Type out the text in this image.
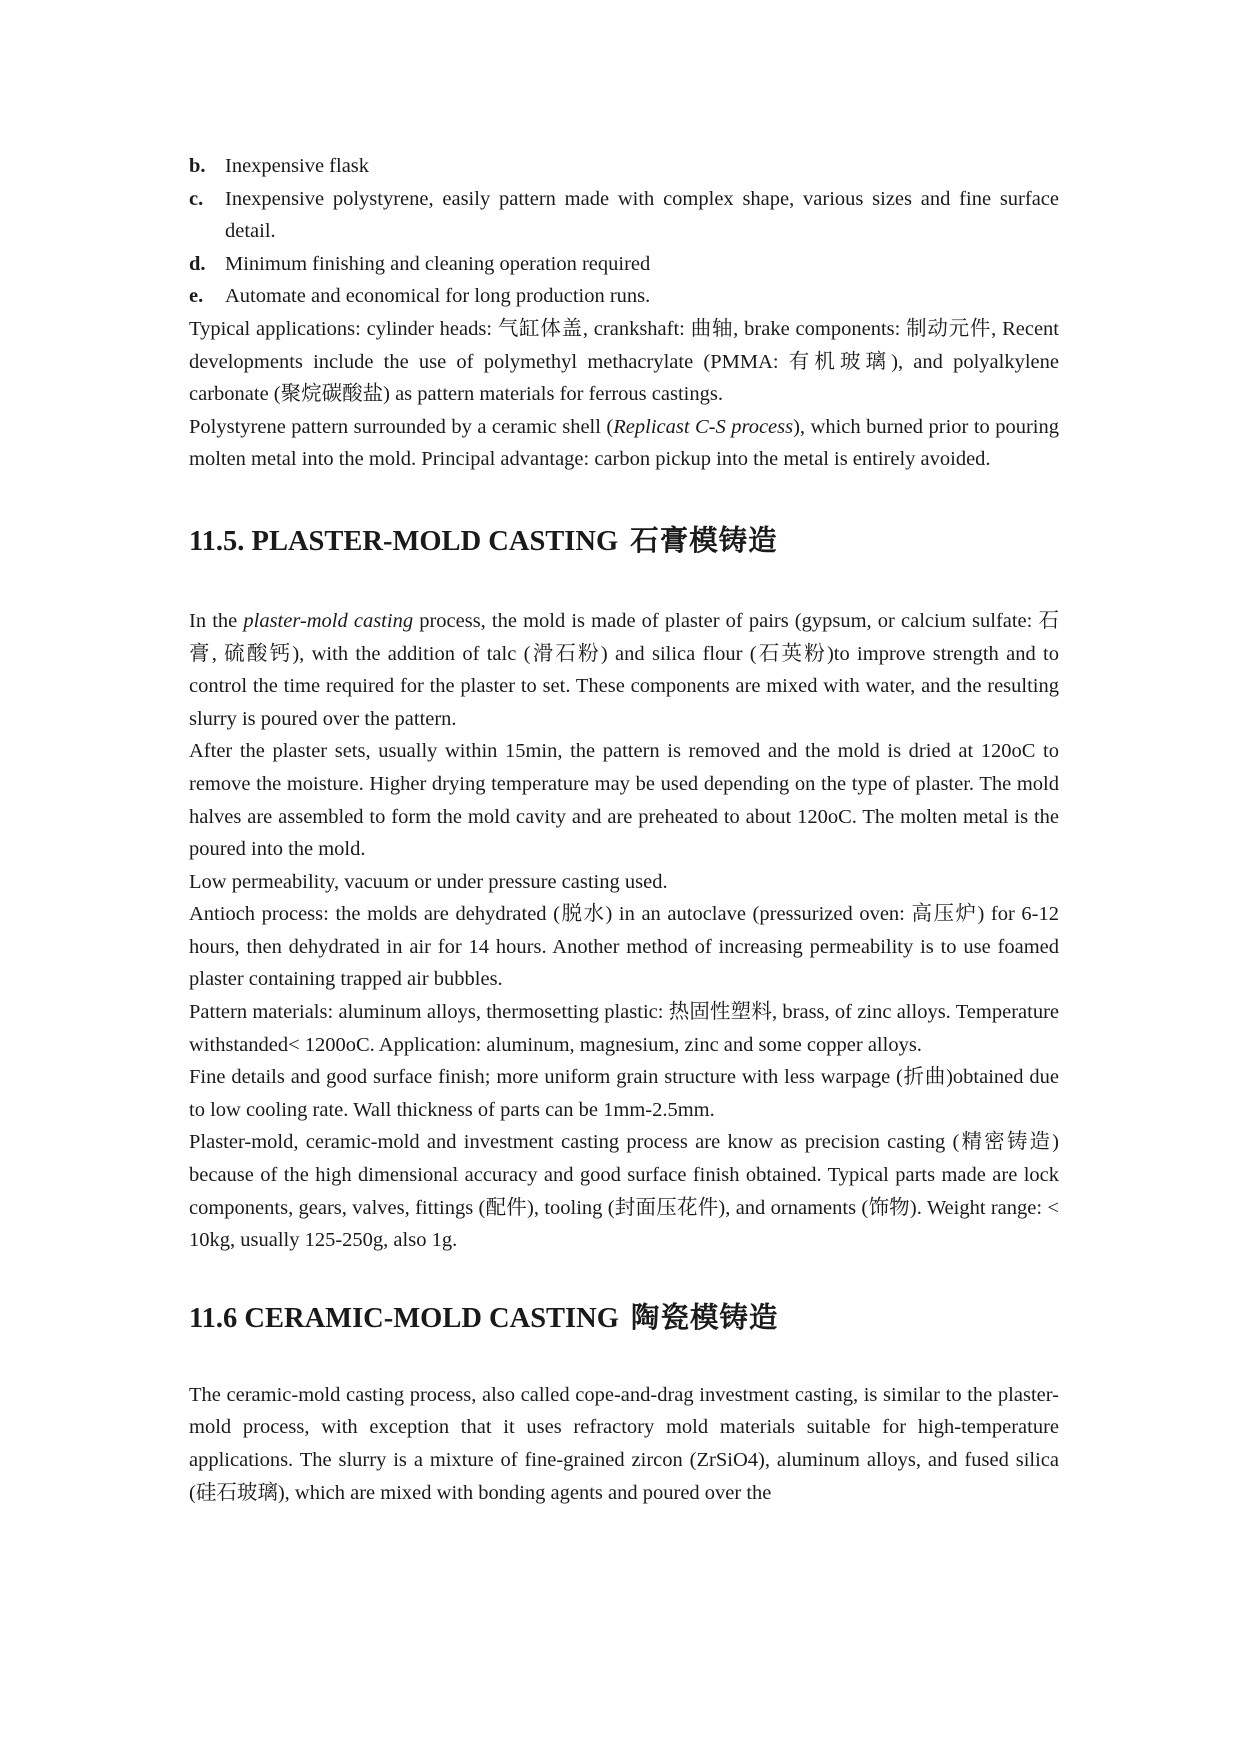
b. Inexpensive flask
c.	Inexpensive polystyrene, easily pattern made with complex shape, various sizes and fine surface detail.
d. Minimum finishing and cleaning operation required
e.	Automate and economical for long production runs.

Typical applications: cylinder heads: 气缸体盖, crankshaft: 曲轴, brake components: 制动元件, Recent developments include the use of polymethyl methacrylate (PMMA: 有机玻璃), and polyalkylene carbonate (聚烷碳酸盐) as pattern materials for ferrous castings.

Polystyrene pattern surrounded by a ceramic shell (Replicast C-S process), which burned prior to pouring molten metal into the mold. Principal advantage: carbon pickup into the metal is entirely avoided.

11.5. PLASTER-MOLD CASTING 石膏模铸造

In the plaster-mold casting process, the mold is made of plaster of pairs (gypsum, or calcium sulfate: 石膏, 硫酸钙), with the addition of talc (滑石粉) and silica flour (石英粉)to improve strength and to control the time required for the plaster to set. These components are mixed with water, and the resulting slurry is poured over the pattern.

After the plaster sets, usually within 15min, the pattern is removed and the mold is dried at 120oC to remove the moisture. Higher drying temperature may be used depending on the type of plaster. The mold halves are assembled to form the mold cavity and are preheated to about 120oC. The molten metal is the poured into the mold.

Low permeability, vacuum or under pressure casting used.

Antioch process: the molds are dehydrated (脱水) in an autoclave (pressurized oven: 高压炉) for 6-12 hours, then dehydrated in air for 14 hours. Another method of increasing permeability is to use foamed plaster containing trapped air bubbles.

Pattern materials: aluminum alloys, thermosetting plastic: 热固性塑料, brass, of zinc alloys. Temperature withstanded< 1200oC. Application: aluminum, magnesium, zinc and some copper alloys.

Fine details and good surface finish; more uniform grain structure with less warpage (折曲)obtained due to low cooling rate. Wall thickness of parts can be 1mm-2.5mm.

Plaster-mold, ceramic-mold and investment casting process are know as precision casting (精密铸造) because of the high dimensional accuracy and good surface finish obtained. Typical parts made are lock components, gears, valves, fittings (配件), tooling (封面压花件), and ornaments (饰物). Weight range: < 10kg, usually 125-250g, also 1g.

11.6 CERAMIC-MOLD CASTING 陶瓷模铸造

The ceramic-mold casting process, also called cope-and-drag investment casting, is similar to the plaster-mold process, with exception that it uses refractory mold materials suitable for high-temperature applications. The slurry is a mixture of fine-grained zircon (ZrSiO4), aluminum alloys, and fused silica (硅石玻璃), which are mixed with bonding agents and poured over the
